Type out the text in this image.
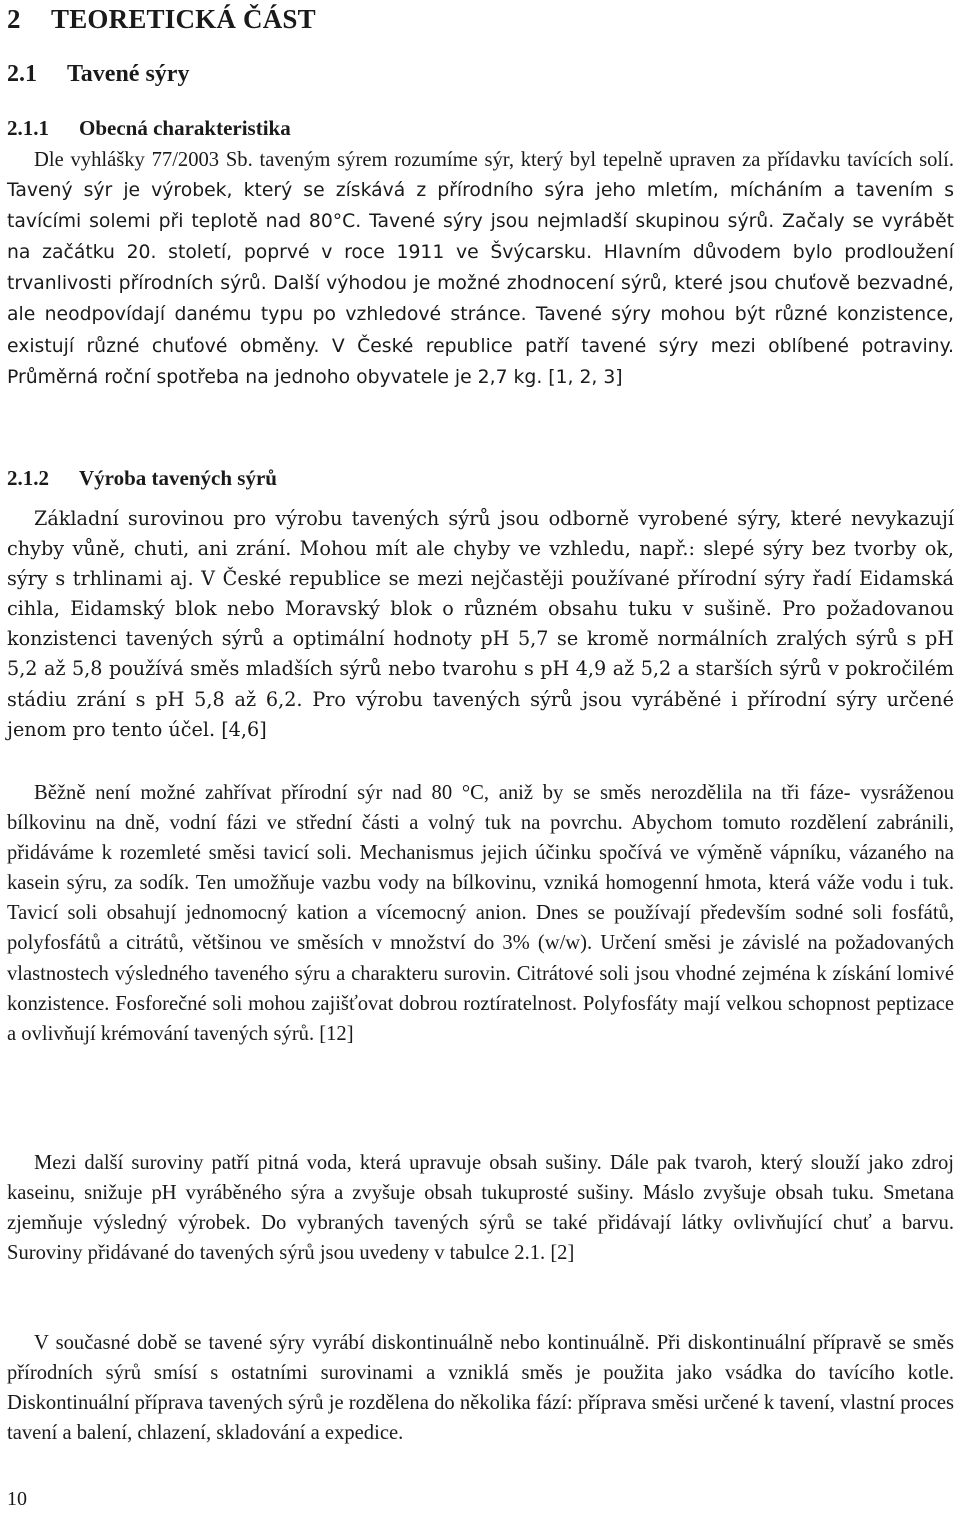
2 TEORETICKÁ ČÁST
2.1 Tavené sýry
2.1.1 Obecná charakteristika

Dle vyhlášky 77/2003 Sb. taveným sýrem rozumíme sýr, který byl tepelně upraven za přídavku tavících solí. Tavený sýr je výrobek, který se získává z přírodního sýra jeho mletím, mícháním a tavením s tavícími solemi při teplotě nad 80°C. Tavené sýry jsou nejmladší skupinou sýrů. Začaly se vyrábět na začátku 20. století, poprvé v roce 1911 ve Švýcarsku. Hlavním důvodem bylo prodloužení trvanlivosti přírodních sýrů. Další výhodou je možné zhodnocení sýrů, které jsou chuťově bezvadné, ale neodpovídají danému typu po vzhledové stránce. Tavené sýry mohou být různé konzistence, existují různé chuťové obměny. V České republice patří tavené sýry mezi oblíbené potraviny. Průměrná roční spotřeba na jednoho obyvatele je 2,7 kg. [1, 2, 3]

2.1.2 Výroba tavených sýrů

Základní surovinou pro výrobu tavených sýrů jsou odborně vyrobené sýry, které nevykazují chyby vůně, chuti, ani zrání. Mohou mít ale chyby ve vzhledu, např.: slepé sýry bez tvorby ok, sýry s trhlinami aj. V České republice se mezi nejčastěji používané přírodní sýry řadí Eidamská cihla, Eidamský blok nebo Moravský blok o různém obsahu tuku v sušině. Pro požadovanou konzistenci tavených sýrů a optimální hodnoty pH 5,7 se kromě normálních zralých sýrů s pH 5,2 až 5,8 používá směs mladších sýrů nebo tvarohu s pH 4,9 až 5,2 a starších sýrů v pokročilém stádiu zrání s pH 5,8 až 6,2. Pro výrobu tavených sýrů jsou vyráběné i přírodní sýry určené jenom pro tento účel. [4,6]

Běžně není možné zahřívat přírodní sýr nad 80 °C, aniž by se směs nerozdělila na tři fáze- vysráženou bílkovinu na dně, vodní fázi ve střední části a volný tuk na povrchu. Abychom tomuto rozdělení zabránili, přidáváme k rozemleté směsi tavicí soli. Mechanismus jejich účinku spočívá ve výměně vápníku, vázaného na kasein sýru, za sodík. Ten umožňuje vazbu vody na bílkovinu, vzniká homogenní hmota, která váže vodu i tuk. Tavicí soli obsahují jednomocný kation a vícemocný anion. Dnes se používají především sodné soli fosfátů, polyfosfátů a citrátů, většinou ve směsích v množství do 3% (w/w). Určení směsi je závislé na požadovaných vlastnostech výsledného taveného sýru a charakteru surovin. Citrátové soli jsou vhodné zejména k získání lomivé konzistence. Fosforečné soli mohou zajišťovat dobrou roztíratelnost. Polyfosfáty mají velkou schopnost peptizace a ovlivňují krémování tavených sýrů. [12]

Mezi další suroviny patří pitná voda, která upravuje obsah sušiny. Dále pak tvaroh, který slouží jako zdroj kaseinu, snižuje pH vyráběného sýra a zvyšuje obsah tukuprosté sušiny. Máslo zvyšuje obsah tuku. Smetana zjemňuje výsledný výrobek. Do vybraných tavených sýrů se také přidávají látky ovlivňující chuť a barvu. Suroviny přidávané do tavených sýrů jsou uvedeny v tabulce 2.1. [2]

V současné době se tavené sýry vyrábí diskontinuálně nebo kontinuálně. Při diskontinuální přípravě se směs přírodních sýrů smísí s ostatními surovinami a vzniklá směs je použita jako vsádka do tavícího kotle. Diskontinuální příprava tavených sýrů je rozdělena do několika fází: příprava směsi určené k tavení, vlastní proces tavení a balení, chlazení, skladování a expedice.

10
